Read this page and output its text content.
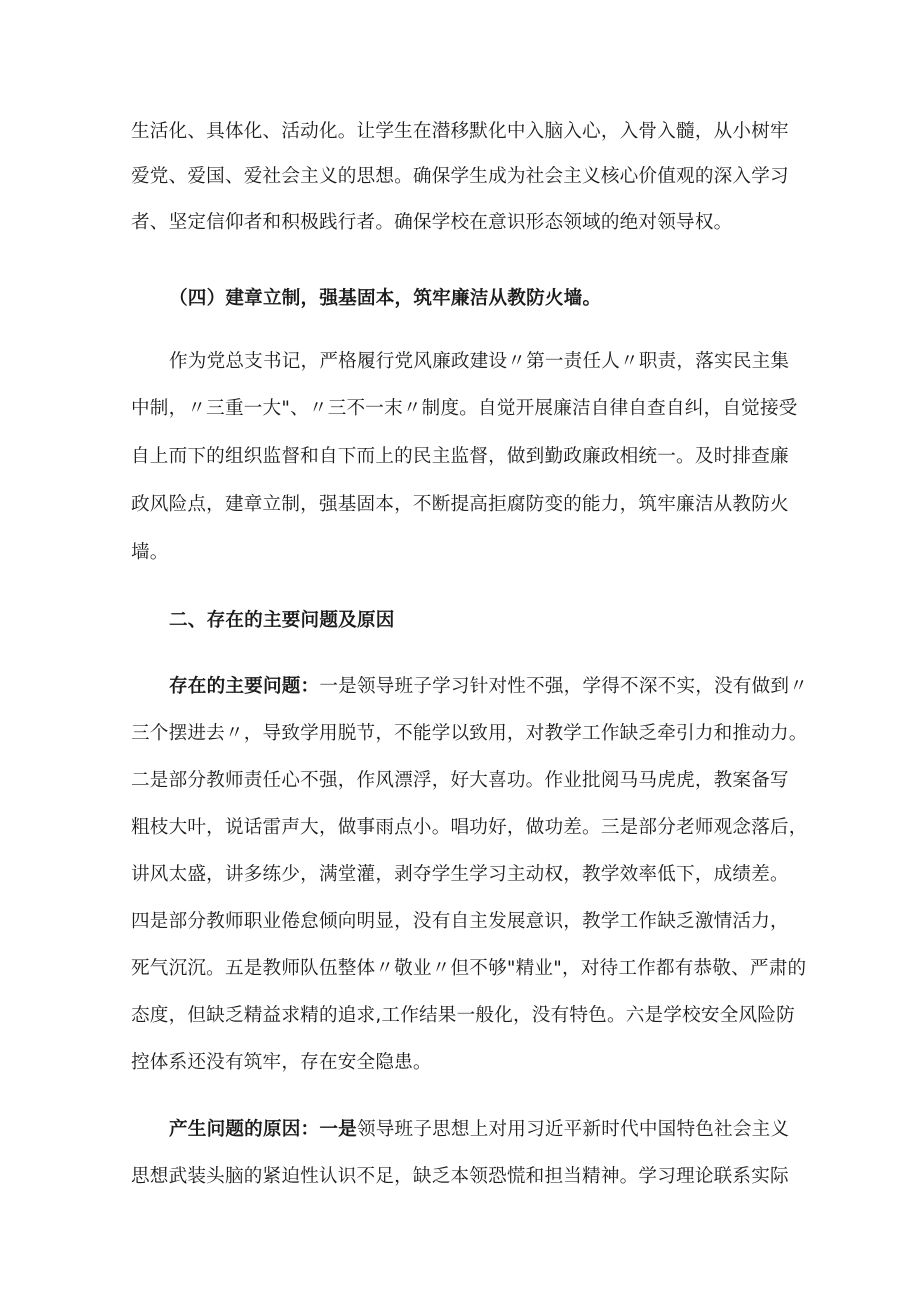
生活化、具体化、活动化。让学生在潜移默化中入脑入心，入骨入髓，从小树牢
爱党、爱国、爱社会主义的思想。确保学生成为社会主义核心价值观的深入学习
者、坚定信仰者和积极践行者。确保学校在意识形态领域的绝对领导权。
（四）建章立制，强基固本，筑牢廉洁从教防火墙。
作为党总支书记，严格履行党风廉政建设〃第一责任人〃职责，落实民主集
中制，〃三重一大"、〃三不一末〃制度。自觉开展廉洁自律自查自纠，自觉接受
自上而下的组织监督和自下而上的民主监督，做到勤政廉政相统一。及时排查廉
政风险点，建章立制，强基固本，不断提高拒腐防变的能力，筑牢廉洁从教防火
墙。
二、存在的主要问题及原因
存在的主要问题：一是领导班子学习针对性不强，学得不深不实，没有做到〃
三个摆进去〃，导致学用脱节，不能学以致用，对教学工作缺乏牵引力和推动力。
二是部分教师责任心不强，作风漂浮，好大喜功。作业批阅马马虎虎，教案备写
粗枝大叶，说话雷声大，做事雨点小。唱功好，做功差。三是部分老师观念落后，
讲风太盛，讲多练少，满堂灌，剥夺学生学习主动权，教学效率低下，成绩差。
四是部分教师职业倦怠倾向明显，没有自主发展意识，教学工作缺乏激情活力，
死气沉沉。五是教师队伍整体〃敬业〃但不够"精业"，对待工作都有恭敬、严肃的
态度，但缺乏精益求精的追求,工作结果一般化，没有特色。六是学校安全风险防
控体系还没有筑牢，存在安全隐患。
产生问题的原因：一是领导班子思想上对用习近平新时代中国特色社会主义
思想武装头脑的紧迫性认识不足，缺乏本领恐慌和担当精神。学习理论联系实际
